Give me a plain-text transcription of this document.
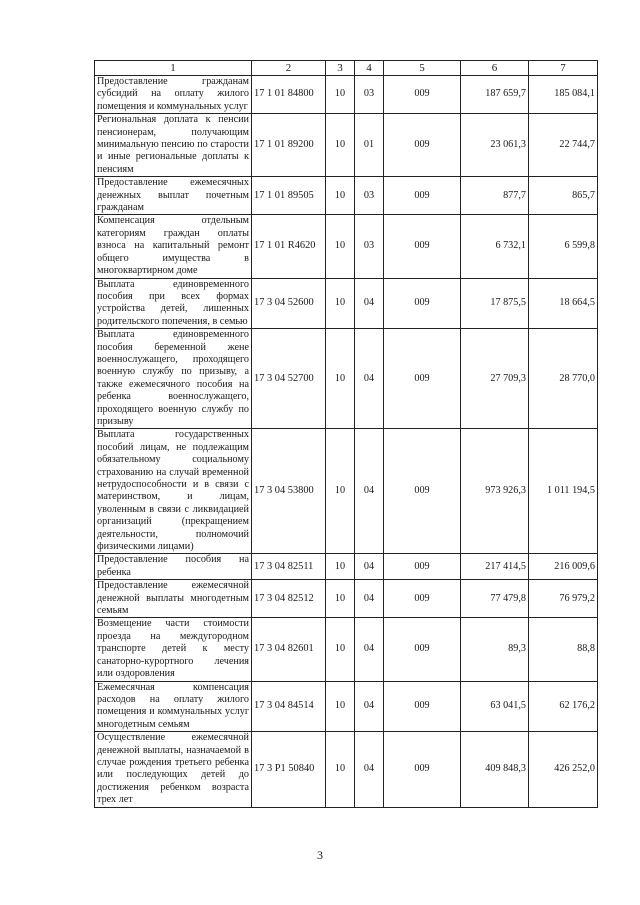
1	2	3	4	5	6	7
Предоставление гражданам субсидий на оплату жилого помещения и коммунальных услуг	17 1 01 84800	10	03	009	187 659,7	185 084,1
Региональная доплата к пенсии пенсионерам, получающим минимальную пенсию по старости и иные региональные доплаты к пенсиям	17 1 01 89200	10	01	009	23 061,3	22 744,7
Предоставление ежемесячных денежных выплат почетным гражданам	17 1 01 89505	10	03	009	877,7	865,7
Компенсация отдельным категориям граждан оплаты взноса на капитальный ремонт общего имущества в многоквартирном доме	17 1 01 R4620	10	03	009	6 732,1	6 599,8
Выплата единовременного пособия при всех формах устройства детей, лишенных родительского попечения, в семью	17 3 04 52600	10	04	009	17 875,5	18 664,5
Выплата единовременного пособия беременной жене военнослужащего, проходящего военную службу по призыву, а также ежемесячного пособия на ребенка военнослужащего, проходящего военную службу по призыву	17 3 04 52700	10	04	009	27 709,3	28 770,0
Выплата государственных пособий лицам, не подлежащим обязательному социальному страхованию на случай временной нетрудоспособности и в связи с материнством, и лицам, уволенным в связи с ликвидацией организаций (прекращением деятельности, полномочий физическими лицами)	17 3 04 53800	10	04	009	973 926,3	1 011 194,5
Предоставление пособия на ребенка	17 3 04 82511	10	04	009	217 414,5	216 009,6
Предоставление ежемесячной денежной выплаты многодетным семьям	17 3 04 82512	10	04	009	77 479,8	76 979,2
Возмещение части стоимости проезда на междугородном транспорте детей к месту санаторно-курортного лечения или оздоровления	17 3 04 82601	10	04	009	89,3	88,8
Ежемесячная компенсация расходов на оплату жилого помещения и коммунальных услуг многодетным семьям	17 3 04 84514	10	04	009	63 041,5	62 176,2
Осуществление ежемесячной денежной выплаты, назначаемой в случае рождения третьего ребенка или последующих детей до достижения ребенком возраста трех лет	17 3 P1 50840	10	04	009	409 848,3	426 252,0
3
